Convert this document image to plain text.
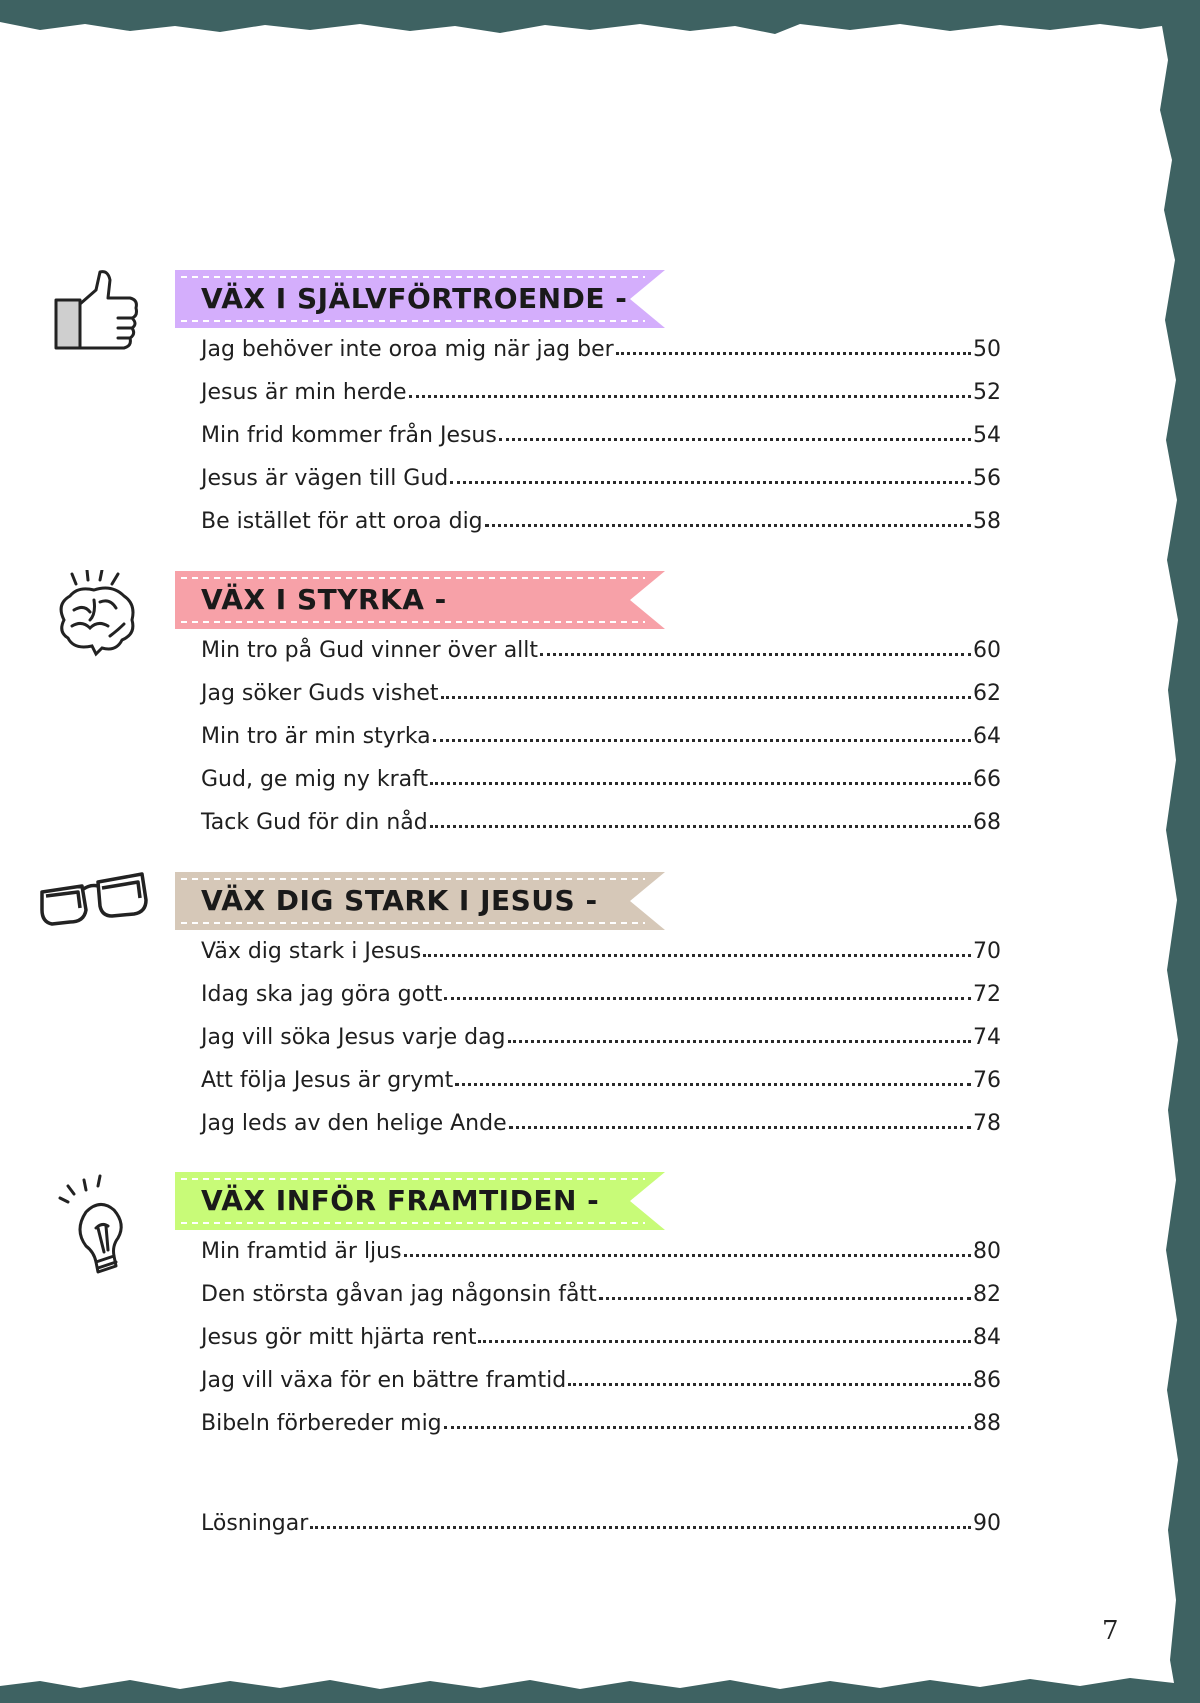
VÄX I SJÄLVFÖRTROENDE -
Jag behöver inte oroa mig när jag ber	50
Jesus är min herde	52
Min frid kommer från Jesus	54
Jesus är vägen till Gud	56
Be istället för att oroa dig	58
VÄX I STYRKA -
Min tro på Gud vinner över allt	60
Jag söker Guds vishet	62
Min tro är min styrka	64
Gud, ge mig ny kraft	66
Tack Gud för din nåd	68
VÄX DIG STARK I JESUS -
Väx dig stark i Jesus	70
Idag ska jag göra gott	72
Jag vill söka Jesus varje dag	74
Att följa Jesus är grymt	76
Jag leds av den helige Ande	78
VÄX INFÖR FRAMTIDEN -
Min framtid är ljus	80
Den största gåvan jag någonsin fått	82
Jesus gör mitt hjärta rent	84
Jag vill växa för en bättre framtid	86
Bibeln förbereder mig	88
Lösningar	90
7
